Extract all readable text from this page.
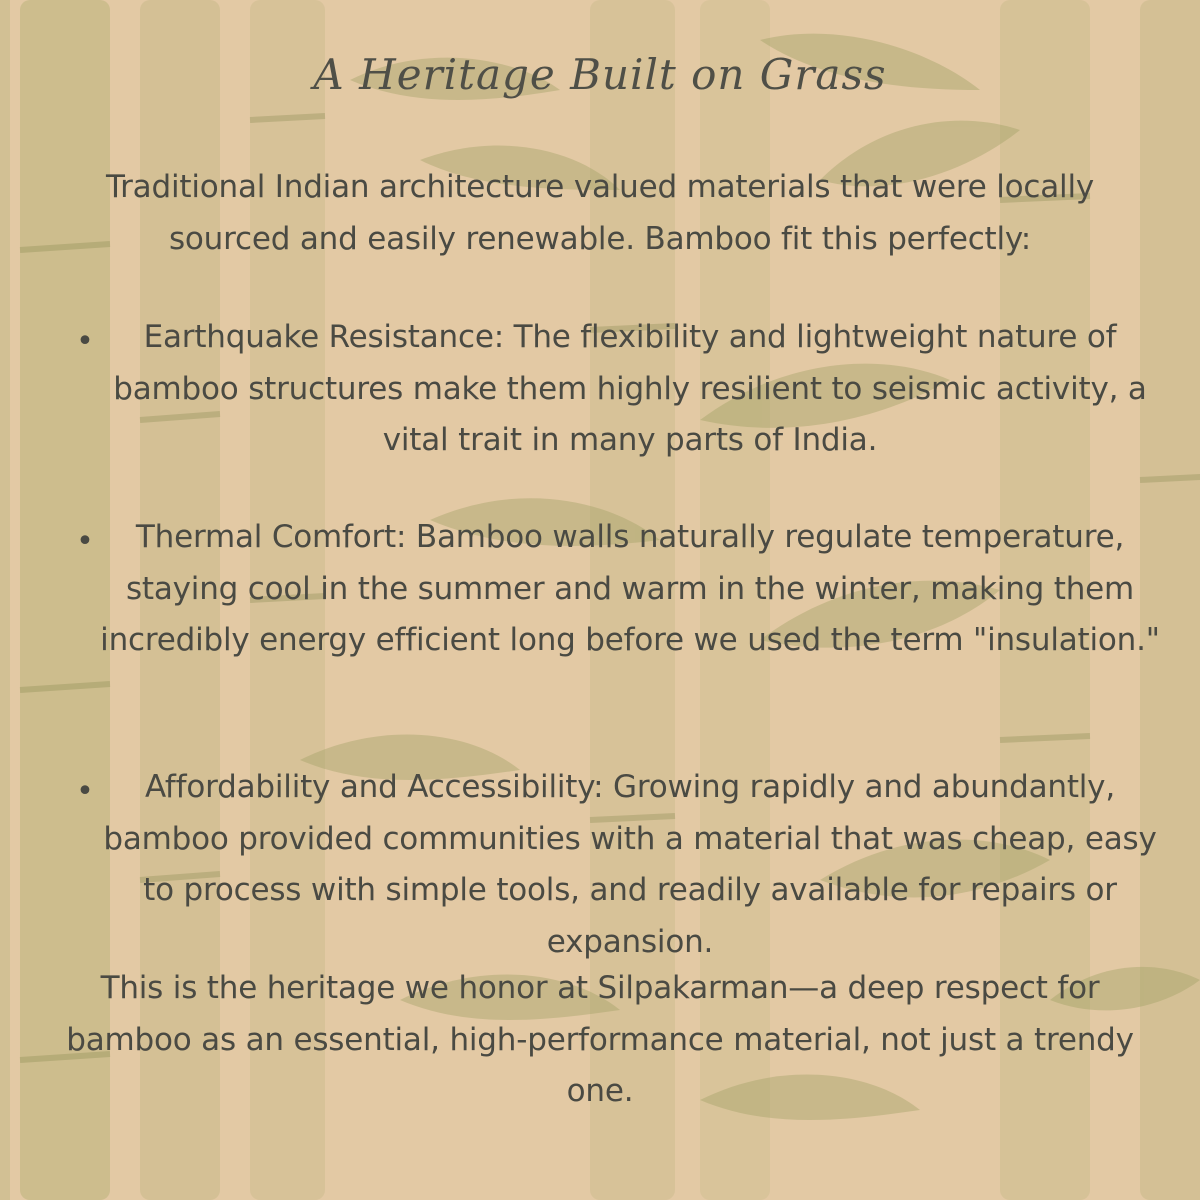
A Heritage Built on Grass

Traditional Indian architecture valued materials that were locally sourced and easily renewable. Bamboo fit this perfectly:

•	Earthquake Resistance: The flexibility and lightweight nature of bamboo structures make them highly resilient to seismic activity, a vital trait in many parts of India.

•	Thermal Comfort: Bamboo walls naturally regulate temperature, staying cool in the summer and warm in the winter, making them incredibly energy efficient long before we used the term "insulation."

•	Affordability and Accessibility: Growing rapidly and abundantly, bamboo provided communities with a material that was cheap, easy to process with simple tools, and readily available for repairs or expansion.

This is the heritage we honor at Silpakarman—a deep respect for bamboo as an essential, high-performance material, not just a trendy one.
